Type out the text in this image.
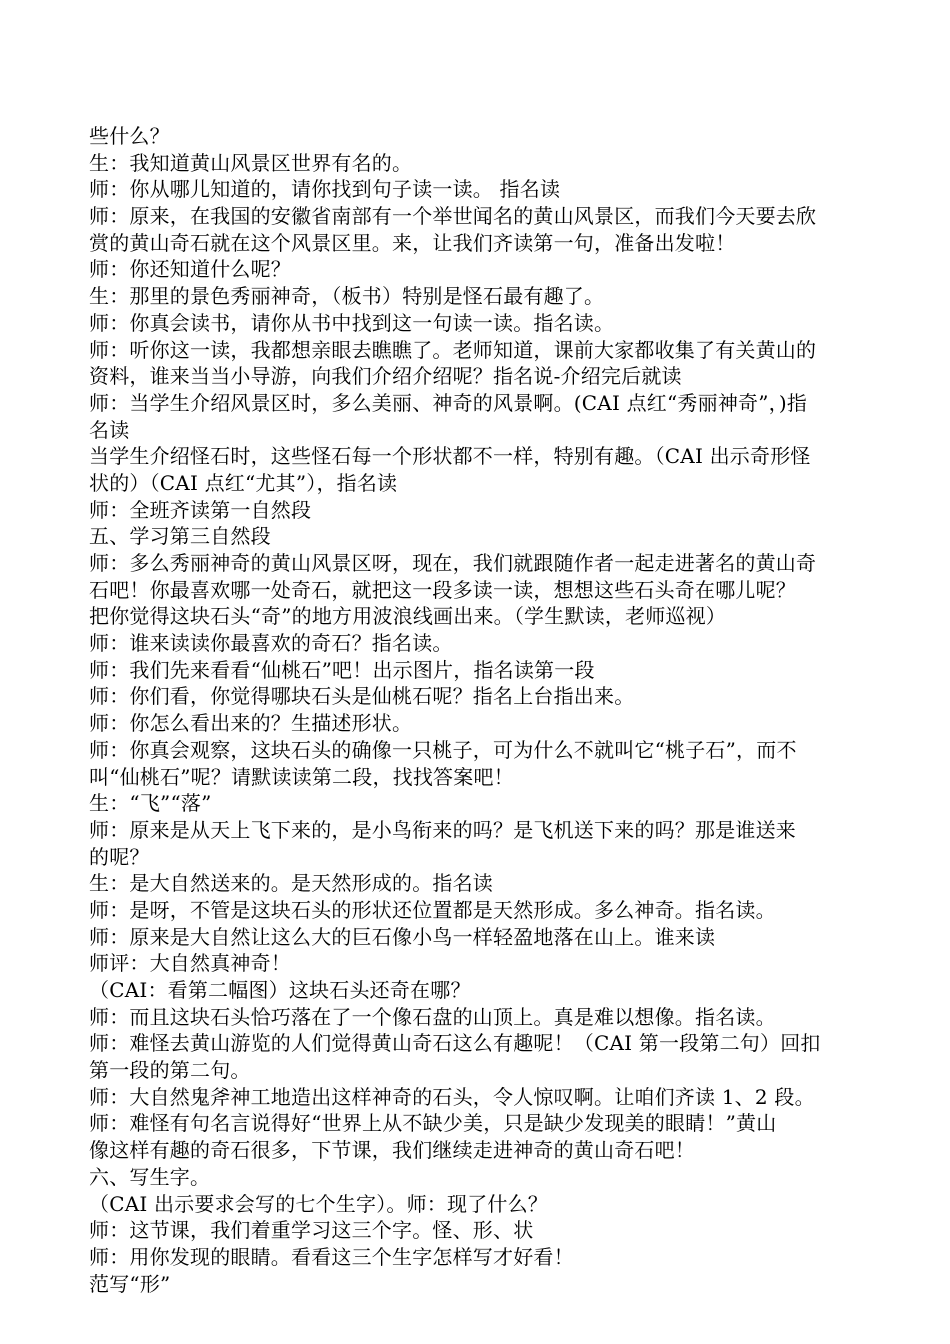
些什么？
生：我知道黄山风景区世界有名的。
师：你从哪儿知道的，请你找到句子读一读。 指名读
师：原来，在我国的安徽省南部有一个举世闻名的黄山风景区，而我们今天要去欣
赏的黄山奇石就在这个风景区里。来，让我们齐读第一句，准备出发啦！
师：你还知道什么呢？
生：那里的景色秀丽神奇，（板书）特别是怪石最有趣了。
师：你真会读书，请你从书中找到这一句读一读。指名读。
师：听你这一读，我都想亲眼去瞧瞧了。老师知道，课前大家都收集了有关黄山的
资料，谁来当当小导游，向我们介绍介绍呢？指名说-介绍完后就读
师：当学生介绍风景区时，多么美丽、神奇的风景啊。(CAI 点红“秀丽神奇”，)指
名读
当学生介绍怪石时，这些怪石每一个形状都不一样，特别有趣。（CAI 出示奇形怪
状的）（CAI 点红“尤其”），指名读
师：全班齐读第一自然段
五、学习第三自然段
师：多么秀丽神奇的黄山风景区呀，现在，我们就跟随作者一起走进著名的黄山奇
石吧！你最喜欢哪一处奇石，就把这一段多读一读，想想这些石头奇在哪儿呢？
把你觉得这块石头“奇”的地方用波浪线画出来。（学生默读，老师巡视）
师：谁来读读你最喜欢的奇石？指名读。
师：我们先来看看“仙桃石”吧！出示图片，指名读第一段
师：你们看，你觉得哪块石头是仙桃石呢？指名上台指出来。
师：你怎么看出来的？生描述形状。
师：你真会观察，这块石头的确像一只桃子，可为什么不就叫它“桃子石”，而不
叫“仙桃石”呢？请默读读第二段，找找答案吧！
生：“飞”“落”
师：原来是从天上飞下来的，是小鸟衔来的吗？是飞机送下来的吗？那是谁送来
的呢？
生：是大自然送来的。是天然形成的。指名读
师：是呀，不管是这块石头的形状还位置都是天然形成。多么神奇。指名读。
师：原来是大自然让这么大的巨石像小鸟一样轻盈地落在山上。谁来读
师评：大自然真神奇！
（CAI：看第二幅图）这块石头还奇在哪？
师：而且这块石头恰巧落在了一个像石盘的山顶上。真是难以想像。指名读。
师：难怪去黄山游览的人们觉得黄山奇石这么有趣呢！（CAI 第一段第二句）回扣
第一段的第二句。
师：大自然鬼斧神工地造出这样神奇的石头，令人惊叹啊。让咱们齐读 1、2 段。
师：难怪有句名言说得好“世界上从不缺少美，只是缺少发现美的眼睛！”黄山
像这样有趣的奇石很多，下节课，我们继续走进神奇的黄山奇石吧！
六、写生字。
（CAI 出示要求会写的七个生字）。师：现了什么？
师：这节课，我们着重学习这三个字。怪、形、状
师：用你发现的眼睛。看看这三个生字怎样写才好看！
范写“形”
